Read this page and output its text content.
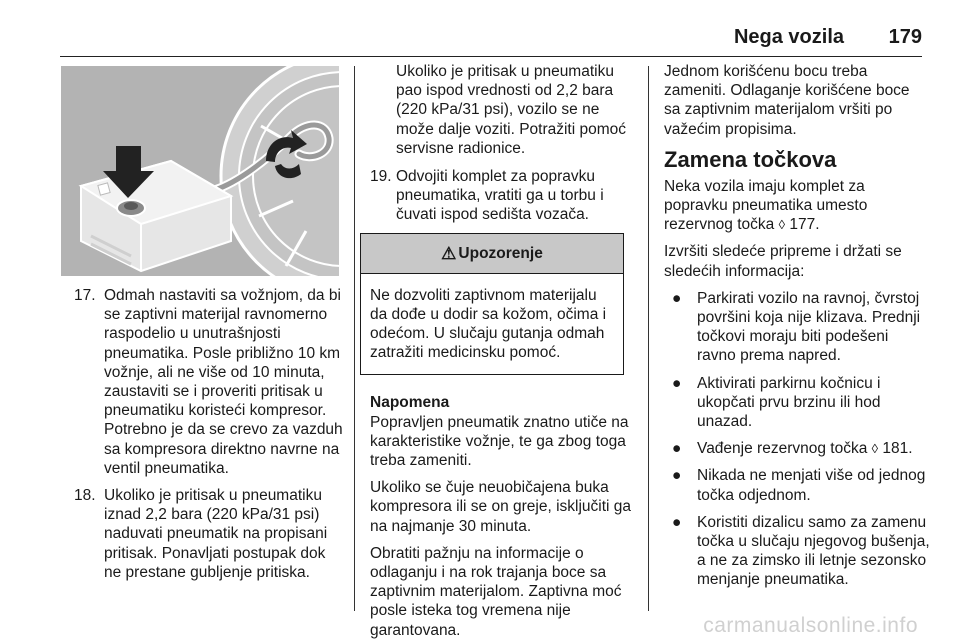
Nega vozila 179
17. Odmah nastaviti sa vožnjom, da bi se zaptivni materijal ravnomerno raspodelio u unutrašnjosti pneumatika. Posle približno 10 km vožnje, ali ne više od 10 minuta, zaustaviti se i proveriti pritisak u pneumatiku koristeći kompresor. Potrebno je da se crevo za vazduh sa kompresora direktno navrne na ventil pneumatika.
18. Ukoliko je pritisak u pneumatiku iznad 2,2 bara (220 kPa/31 psi) naduvati pneumatik na propisani pritisak. Ponavljati postupak dok ne prestane gubljenje pritiska.
Ukoliko je pritisak u pneumatiku pao ispod vrednosti od 2,2 bara (220 kPa/31 psi), vozilo se ne može dalje voziti. Potražiti pomoć servisne radionice.
19. Odvojiti komplet za popravku pneumatika, vratiti ga u torbu i čuvati ispod sedišta vozača.
⚠ Upozorenje
Ne dozvoliti zaptivnom materijalu da dođe u dodir sa kožom, očima i odećom. U slučaju gutanja odmah zatražiti medicinsku pomoć.
Napomena
Popravljen pneumatik znatno utiče na karakteristike vožnje, te ga zbog toga treba zameniti.
Ukoliko se čuje neuobičajena buka kompresora ili se on greje, isključiti ga na najmanje 30 minuta.
Obratiti pažnju na informacije o odlaganju i na rok trajanja boce sa zaptivnim materijalom. Zaptivna moć posle isteka tog vremena nije garantovana.
Jednom korišćenu bocu treba zameniti. Odlaganje korišćene boce sa zaptivnim materijalom vršiti po važećim propisima.
Zamena točkova
Neka vozila imaju komplet za popravku pneumatika umesto rezervnog točka ◊ 177.
Izvršiti sledeće pripreme i držati se sledećih informacija:
● Parkirati vozilo na ravnoj, čvrstoj površini koja nije klizava. Prednji točkovi moraju biti podešeni ravno prema napred.
● Aktivirati parkirnu kočnicu i ukopčati prvu brzinu ili hod unazad.
● Vađenje rezervnog točka ◊ 181.
● Nikada ne menjati više od jednog točka odjednom.
● Koristiti dizalicu samo za zamenu točka u slučaju njegovog bušenja, a ne za zimsko ili letnje sezonsko menjanje pneumatika.
carmanualsonline.info
